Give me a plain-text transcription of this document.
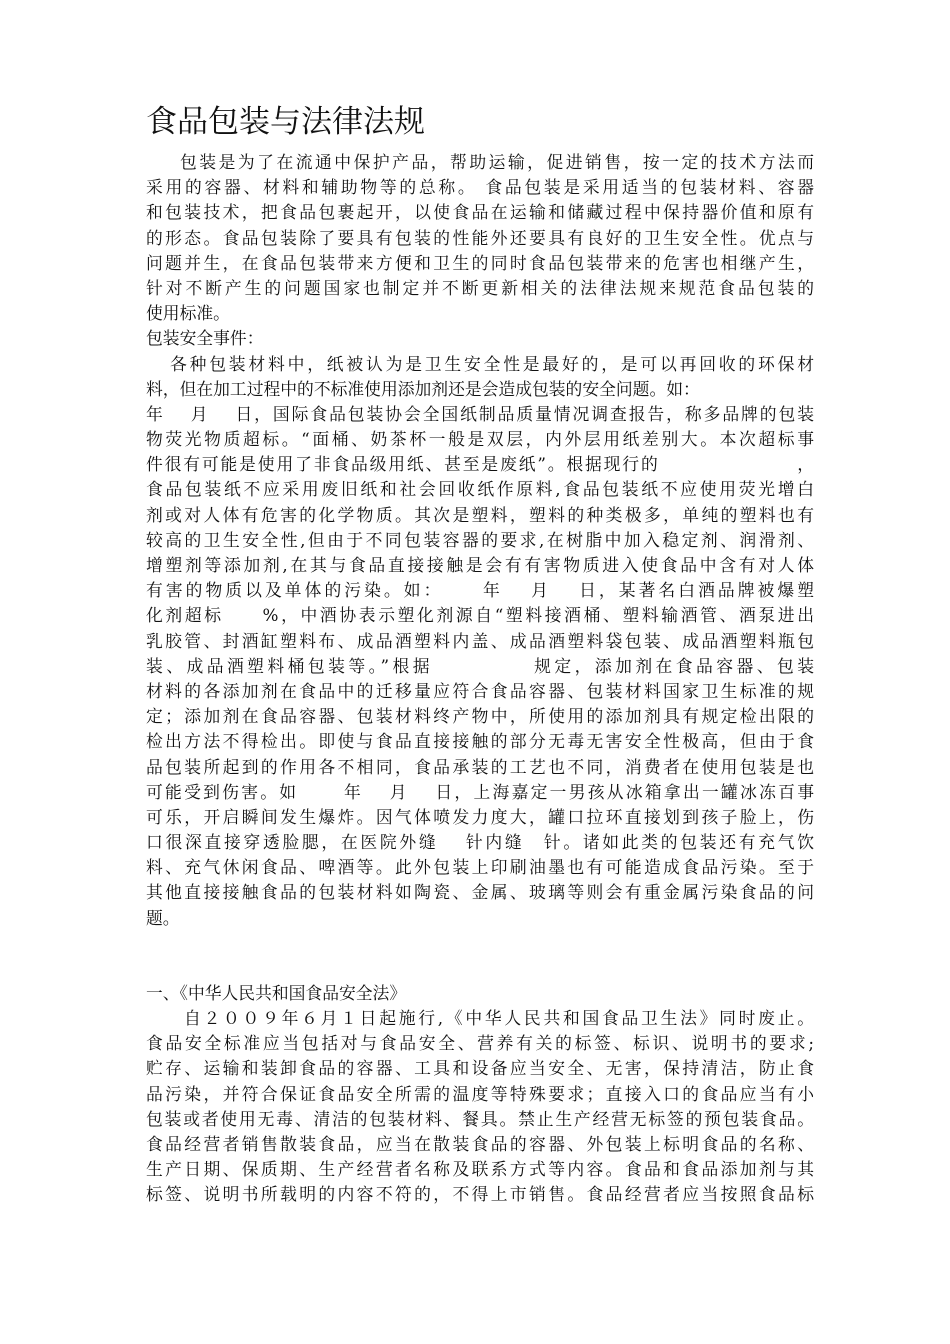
食品包装与法律法规
包装是为了在流通中保护产品，帮助运输，促进销售，按一定的技术方法而
采用的容器、材料和辅助物等的总称。 食品包装是采用适当的包装材料、容器
和包装技术，把食品包裹起开，以使食品在运输和储藏过程中保持器价值和原有
的形态。食品包装除了要具有包装的性能外还要具有良好的卫生安全性。优点与
问题并生，在食品包装带来方便和卫生的同时食品包装带来的危害也相继产生，
针对不断产生的问题国家也制定并不断更新相关的法律法规来规范食品包装的
使用标准。
包装安全事件：
各种包装材料中，纸被认为是卫生安全性是最好的，是可以再回收的环保材
料，但在加工过程中的不标准使用添加剂还是会造成包装的安全问题。如：
年　 月　 日，国际食品包装协会全国纸制品质量情况调查报告，称多品牌的包装
物荧光物质超标。“面桶、奶茶杯一般是双层，内外层用纸差别大。本次超标事
件很有可能是使用了非食品级用纸、甚至是废纸”。根据现行的　　　　　　　 ，
食品包装纸不应采用废旧纸和社会回收纸作原料,食品包装纸不应使用荧光增白
剂或对人体有危害的化学物质。其次是塑料，塑料的种类极多，单纯的塑料也有
较高的卫生安全性,但由于不同包装容器的要求,在树脂中加入稳定剂、润滑剂、
增塑剂等添加剂,在其与食品直接接触是会有有害物质进入使食品中含有对人体
有害的物质以及单体的污染。如：　　 年　 月　 日，某著名白酒品牌被爆塑
化剂超标　　%，中酒协表示塑化剂源自“塑料接酒桶、塑料输酒管、酒泵进出
乳胶管、封酒缸塑料布、成品酒塑料内盖、成品酒塑料袋包装、成品酒塑料瓶包
装、成品酒塑料桶包装等。”根据　　　　　规定，添加剂在食品容器、包装
材料的各添加剂在食品中的迁移量应符合食品容器、包装材料国家卫生标准的规
定；添加剂在食品容器、包装材料终产物中，所使用的添加剂具有规定检出限的
检出方法不得检出。即使与食品直接接触的部分无毒无害安全性极高，但由于食
品包装所起到的作用各不相同，食品承装的工艺也不同，消费者在使用包装是也
可能受到伤害。如　　 年　 月　 日，上海嘉定一男孩从冰箱拿出一罐冰冻百事
可乐，开启瞬间发生爆炸。因气体喷发力度大，罐口拉环直接划到孩子脸上，伤
口很深直接穿透脸腮，在医院外缝　 针内缝　针。诸如此类的包装还有充气饮
料、充气休闲食品、啤酒等。此外包装上印刷油墨也有可能造成食品污染。至于
其他直接接触食品的包装材料如陶瓷、金属、玻璃等则会有重金属污染食品的问
题。
一、《中华人民共和国食品安全法》
自２００９年６月１日起施行,《中华人民共和国食品卫生法》同时废止。
食品安全标准应当包括对与食品安全、营养有关的标签、标识、说明书的要求;
贮存、运输和装卸食品的容器、工具和设备应当安全、无害，保持清洁，防止食
品污染，并符合保证食品安全所需的温度等特殊要求；直接入口的食品应当有小
包装或者使用无毒、清洁的包装材料、餐具。禁止生产经营无标签的预包装食品。
食品经营者销售散装食品，应当在散装食品的容器、外包装上标明食品的名称、
生产日期、保质期、生产经营者名称及联系方式等内容。食品和食品添加剂与其
标签、说明书所载明的内容不符的，不得上市销售。食品经营者应当按照食品标
